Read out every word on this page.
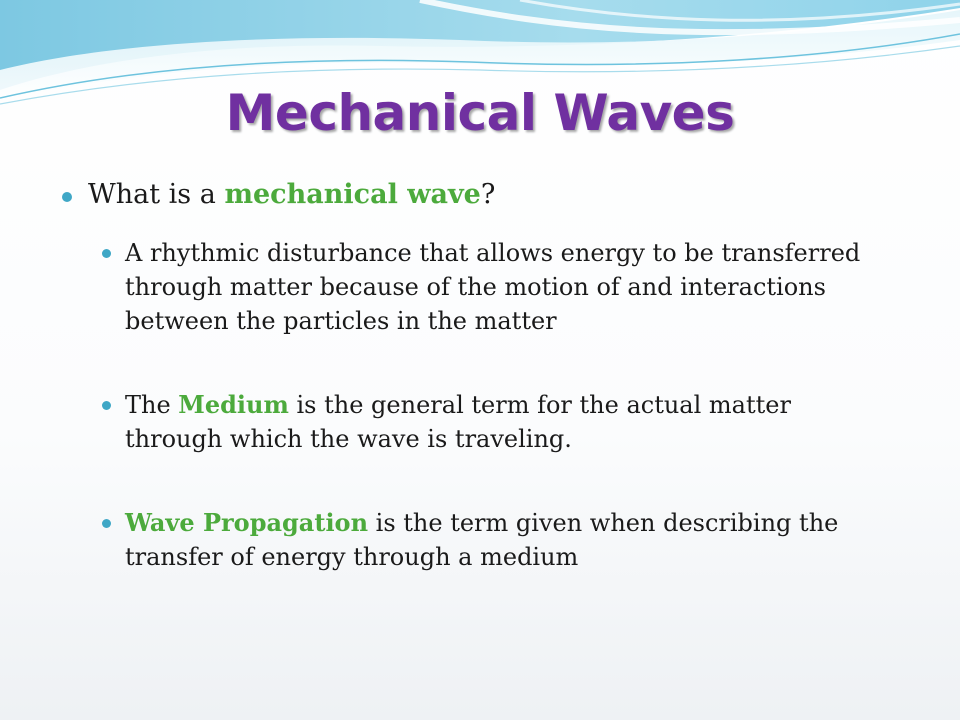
Mechanical Waves

What is a mechanical wave?

A rhythmic disturbance that allows energy to be transferred through matter because of the motion of and interactions between the particles in the matter

The Medium is the general term for the actual matter through which the wave is traveling.

Wave Propagation is the term given when describing the transfer of energy through a medium
